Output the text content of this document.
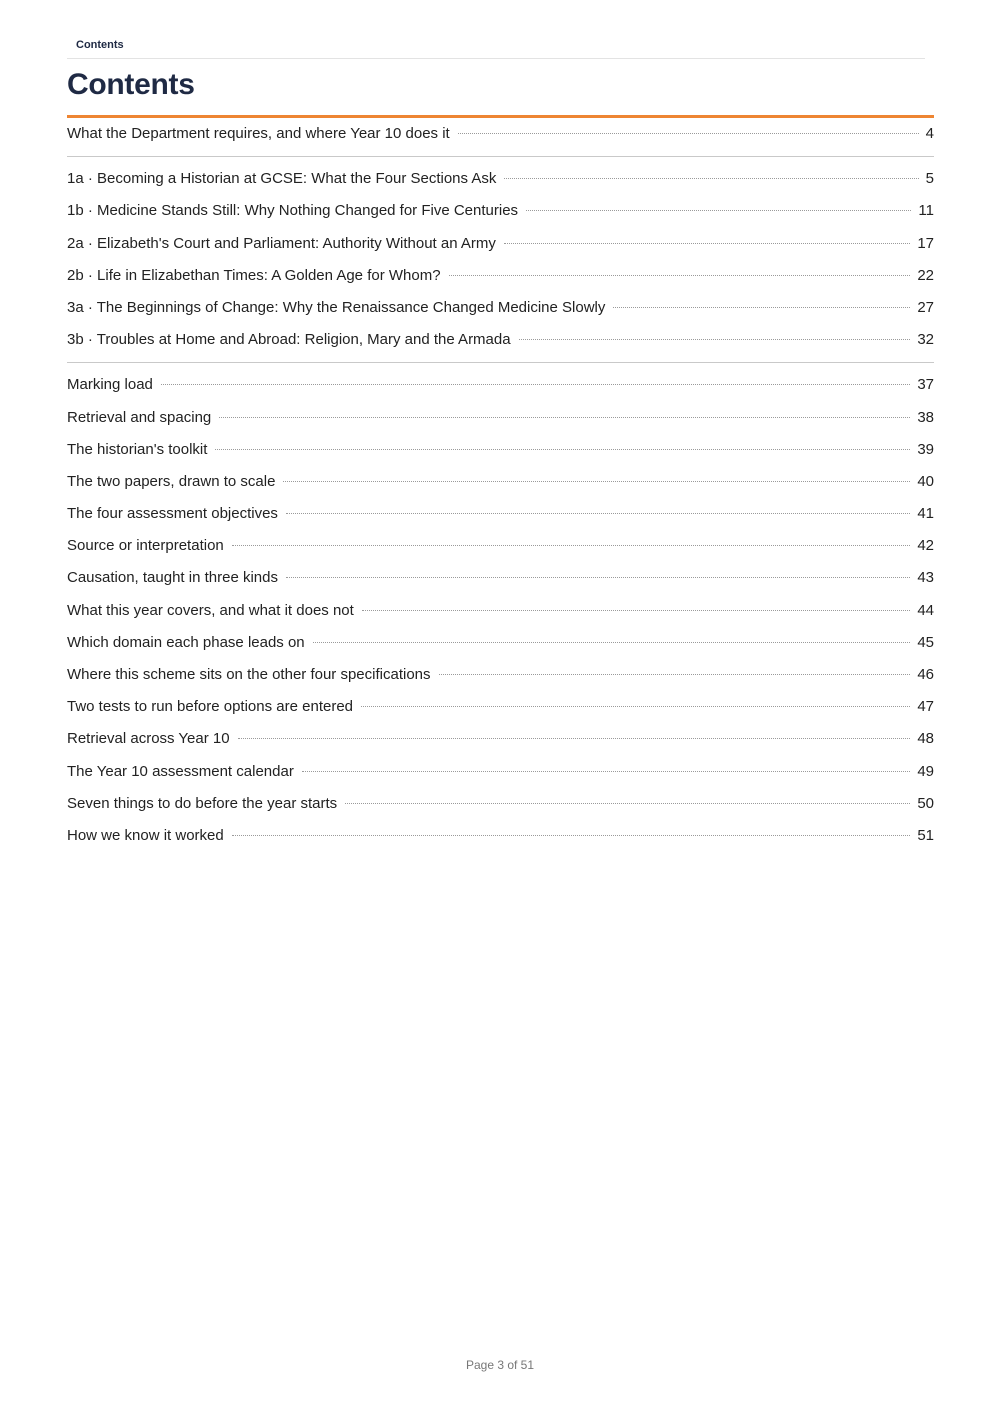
Contents
Contents
What the Department requires, and where Year 10 does it	4
1a · Becoming a Historian at GCSE: What the Four Sections Ask	5
1b · Medicine Stands Still: Why Nothing Changed for Five Centuries	11
2a · Elizabeth's Court and Parliament: Authority Without an Army	17
2b · Life in Elizabethan Times: A Golden Age for Whom?	22
3a · The Beginnings of Change: Why the Renaissance Changed Medicine Slowly	27
3b · Troubles at Home and Abroad: Religion, Mary and the Armada	32
Marking load	37
Retrieval and spacing	38
The historian's toolkit	39
The two papers, drawn to scale	40
The four assessment objectives	41
Source or interpretation	42
Causation, taught in three kinds	43
What this year covers, and what it does not	44
Which domain each phase leads on	45
Where this scheme sits on the other four specifications	46
Two tests to run before options are entered	47
Retrieval across Year 10	48
The Year 10 assessment calendar	49
Seven things to do before the year starts	50
How we know it worked	51
Page 3 of 51
